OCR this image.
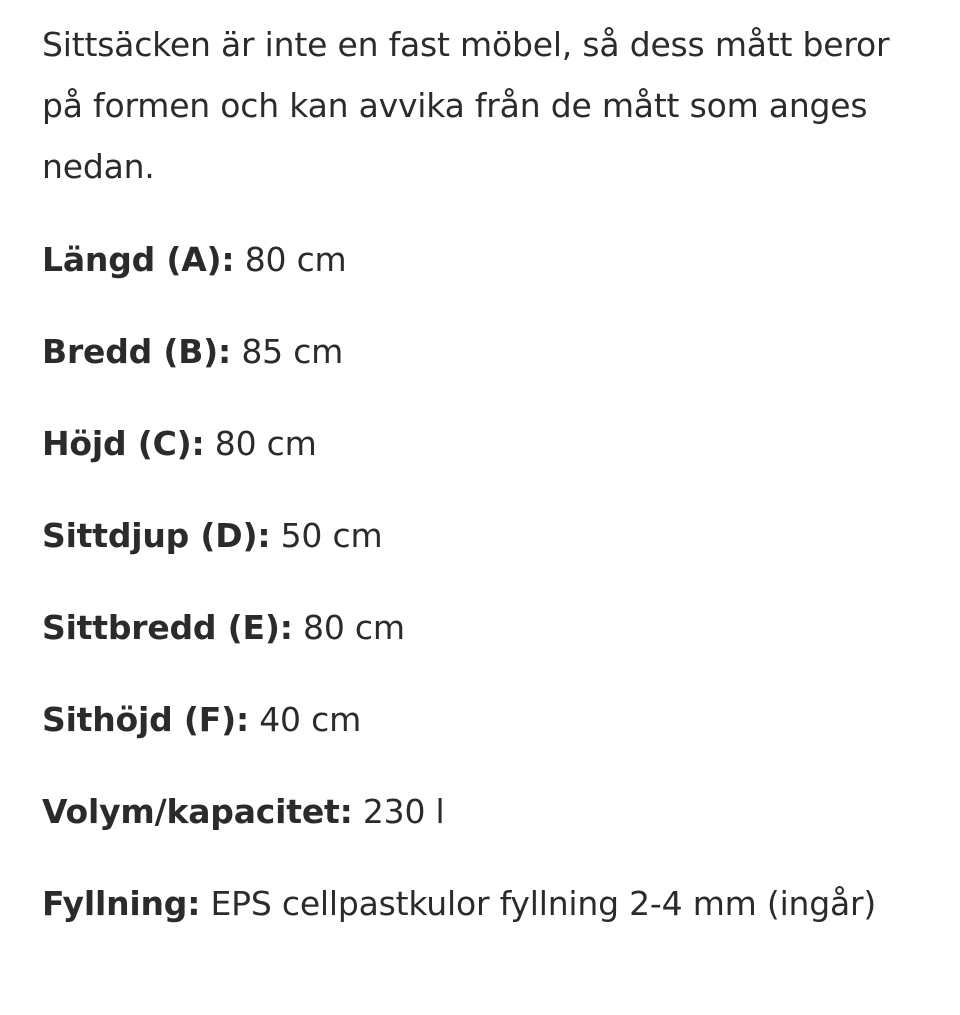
Sittsäcken är inte en fast möbel, så dess mått beror på formen och kan avvika från de mått som anges nedan.

Längd (A): 80 cm
Bredd (B): 85 cm
Höjd (C): 80 cm
Sittdjup (D): 50 cm
Sittbredd (E): 80 cm
Sithöjd (F): 40 cm
Volym/kapacitet: 230 l
Fyllning: EPS cellpastkulor fyllning 2-4 mm (ingår)
